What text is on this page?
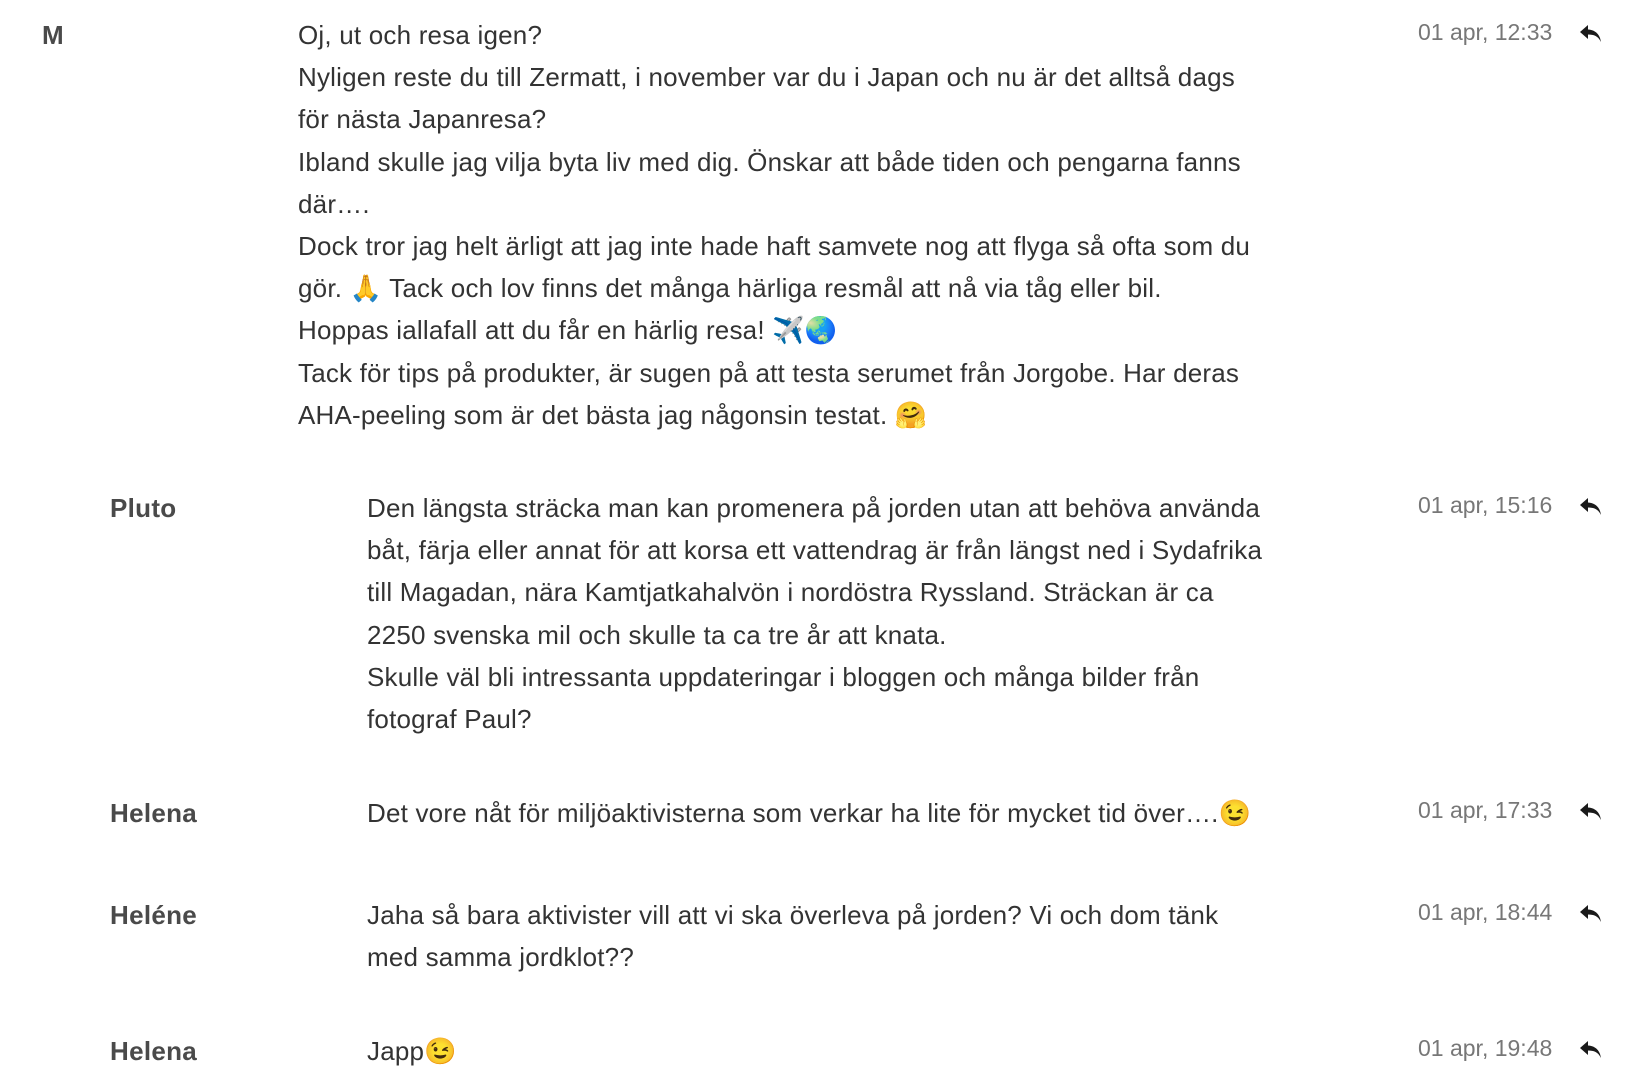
M	Oj, ut och resa igen?
Nyligen reste du till Zermatt, i november var du i Japan och nu är det alltså dags
för nästa Japanresa?
Ibland skulle jag vilja byta liv med dig. Önskar att både tiden och pengarna fanns
där….
Dock tror jag helt ärligt att jag inte hade haft samvete nog att flyga så ofta som du
gör. 🙏 Tack och lov finns det många härliga resmål att nå via tåg eller bil.
Hoppas iallafall att du får en härlig resa! ✈️🌏
Tack för tips på produkter, är sugen på att testa serumet från Jorgobe. Har deras
AHA-peeling som är det bästa jag någonsin testat. 🤗
01 apr, 12:33
Pluto	Den längsta sträcka man kan promenera på jorden utan att behöva använda
båt, färja eller annat för att korsa ett vattendrag är från längst ned i Sydafrika
till Magadan, nära Kamtjatkahalvön i nordöstra Ryssland. Sträckan är ca
2250 svenska mil och skulle ta ca tre år att knata.
Skulle väl bli intressanta uppdateringar i bloggen och många bilder från
fotograf Paul?
01 apr, 15:16
Helena	Det vore nåt för miljöaktivisterna som verkar ha lite för mycket tid över….😉	01 apr, 17:33
Heléne	Jaha så bara aktivister vill att vi ska överleva på jorden? Vi och dom tänk
med samma jordklot??
01 apr, 18:44
Helena	Japp😉	01 apr, 19:48
